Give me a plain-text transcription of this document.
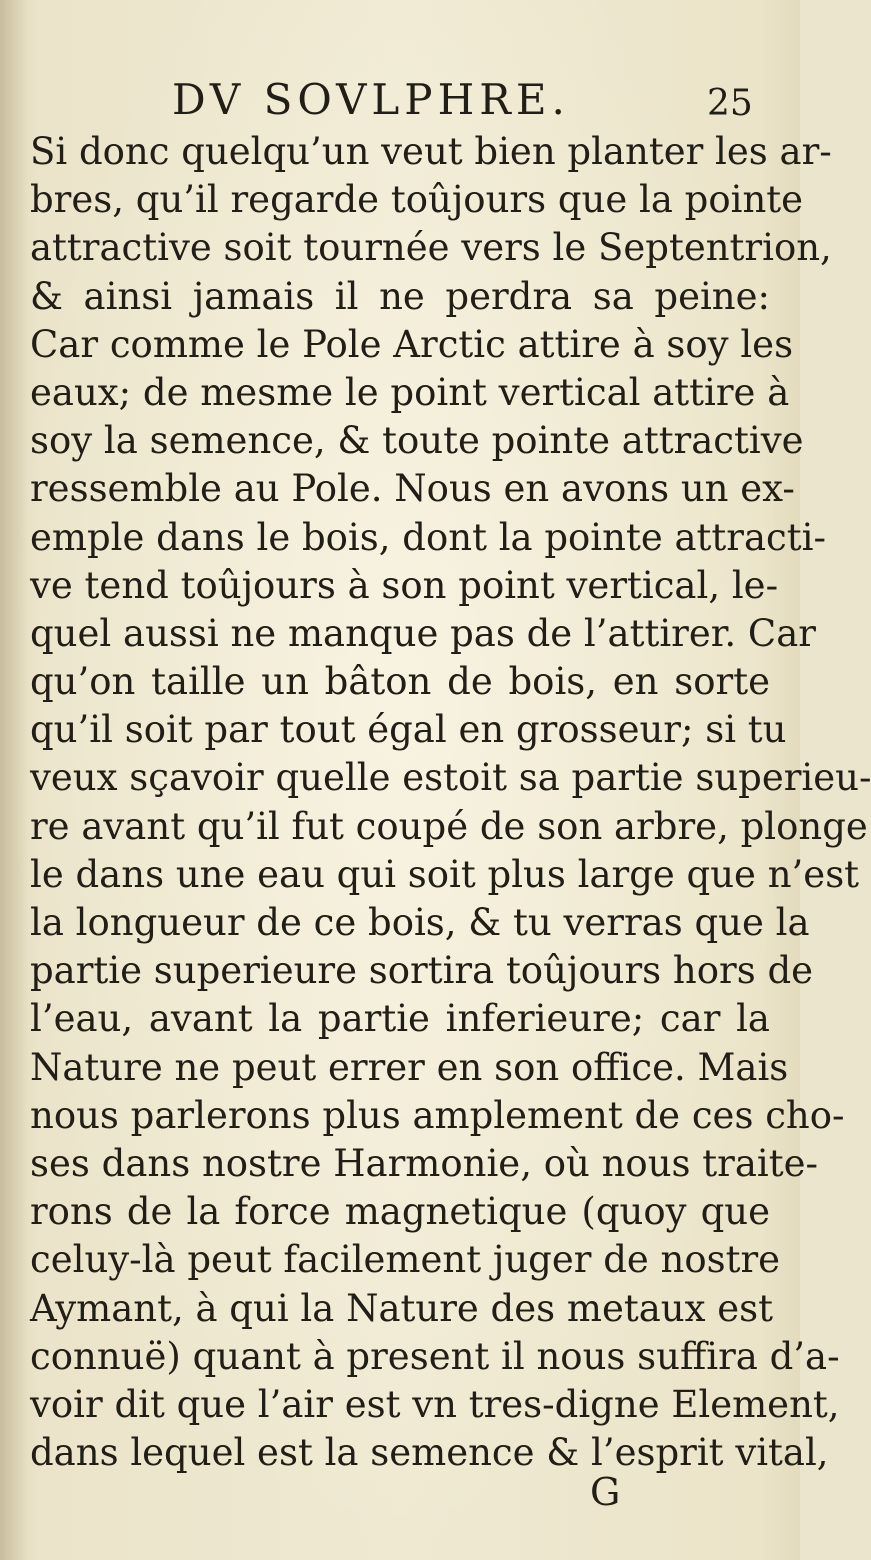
DV SOVLPHRE.	25
Si donc quelqu’un veut bien planter les ar-
bres, qu’il regarde toûjours que la pointe
attractive soit tournée vers le Septentrion,
& ainsi jamais il ne perdra sa peine:
Car comme le Pole Arctic attire à soy les
eaux; de mesme le point vertical attire à
soy la semence, & toute pointe attractive
ressemble au Pole. Nous en avons un ex-
emple dans le bois, dont la pointe attracti-
ve tend toûjours à son point vertical, le-
quel aussi ne manque pas de l’attirer. Car
qu’on taille un bâton de bois, en sorte
qu’il soit par tout égal en grosseur; si tu
veux sçavoir quelle estoit sa partie superieu-
re avant qu’il fut coupé de son arbre, plonge
le dans une eau qui soit plus large que n’est
la longueur de ce bois, & tu verras que la
partie superieure sortira toûjours hors de
l’eau, avant la partie inferieure; car la
Nature ne peut errer en son office. Mais
nous parlerons plus amplement de ces cho-
ses dans nostre Harmonie, où nous traite-
rons de la force magnetique (quoy que
celuy-là peut facilement juger de nostre
Aymant, à qui la Nature des metaux est
connuë) quant à present il nous suffira d’a-
voir dit que l’air est vn tres-digne Element,
dans lequel est la semence & l’esprit vital,
G
